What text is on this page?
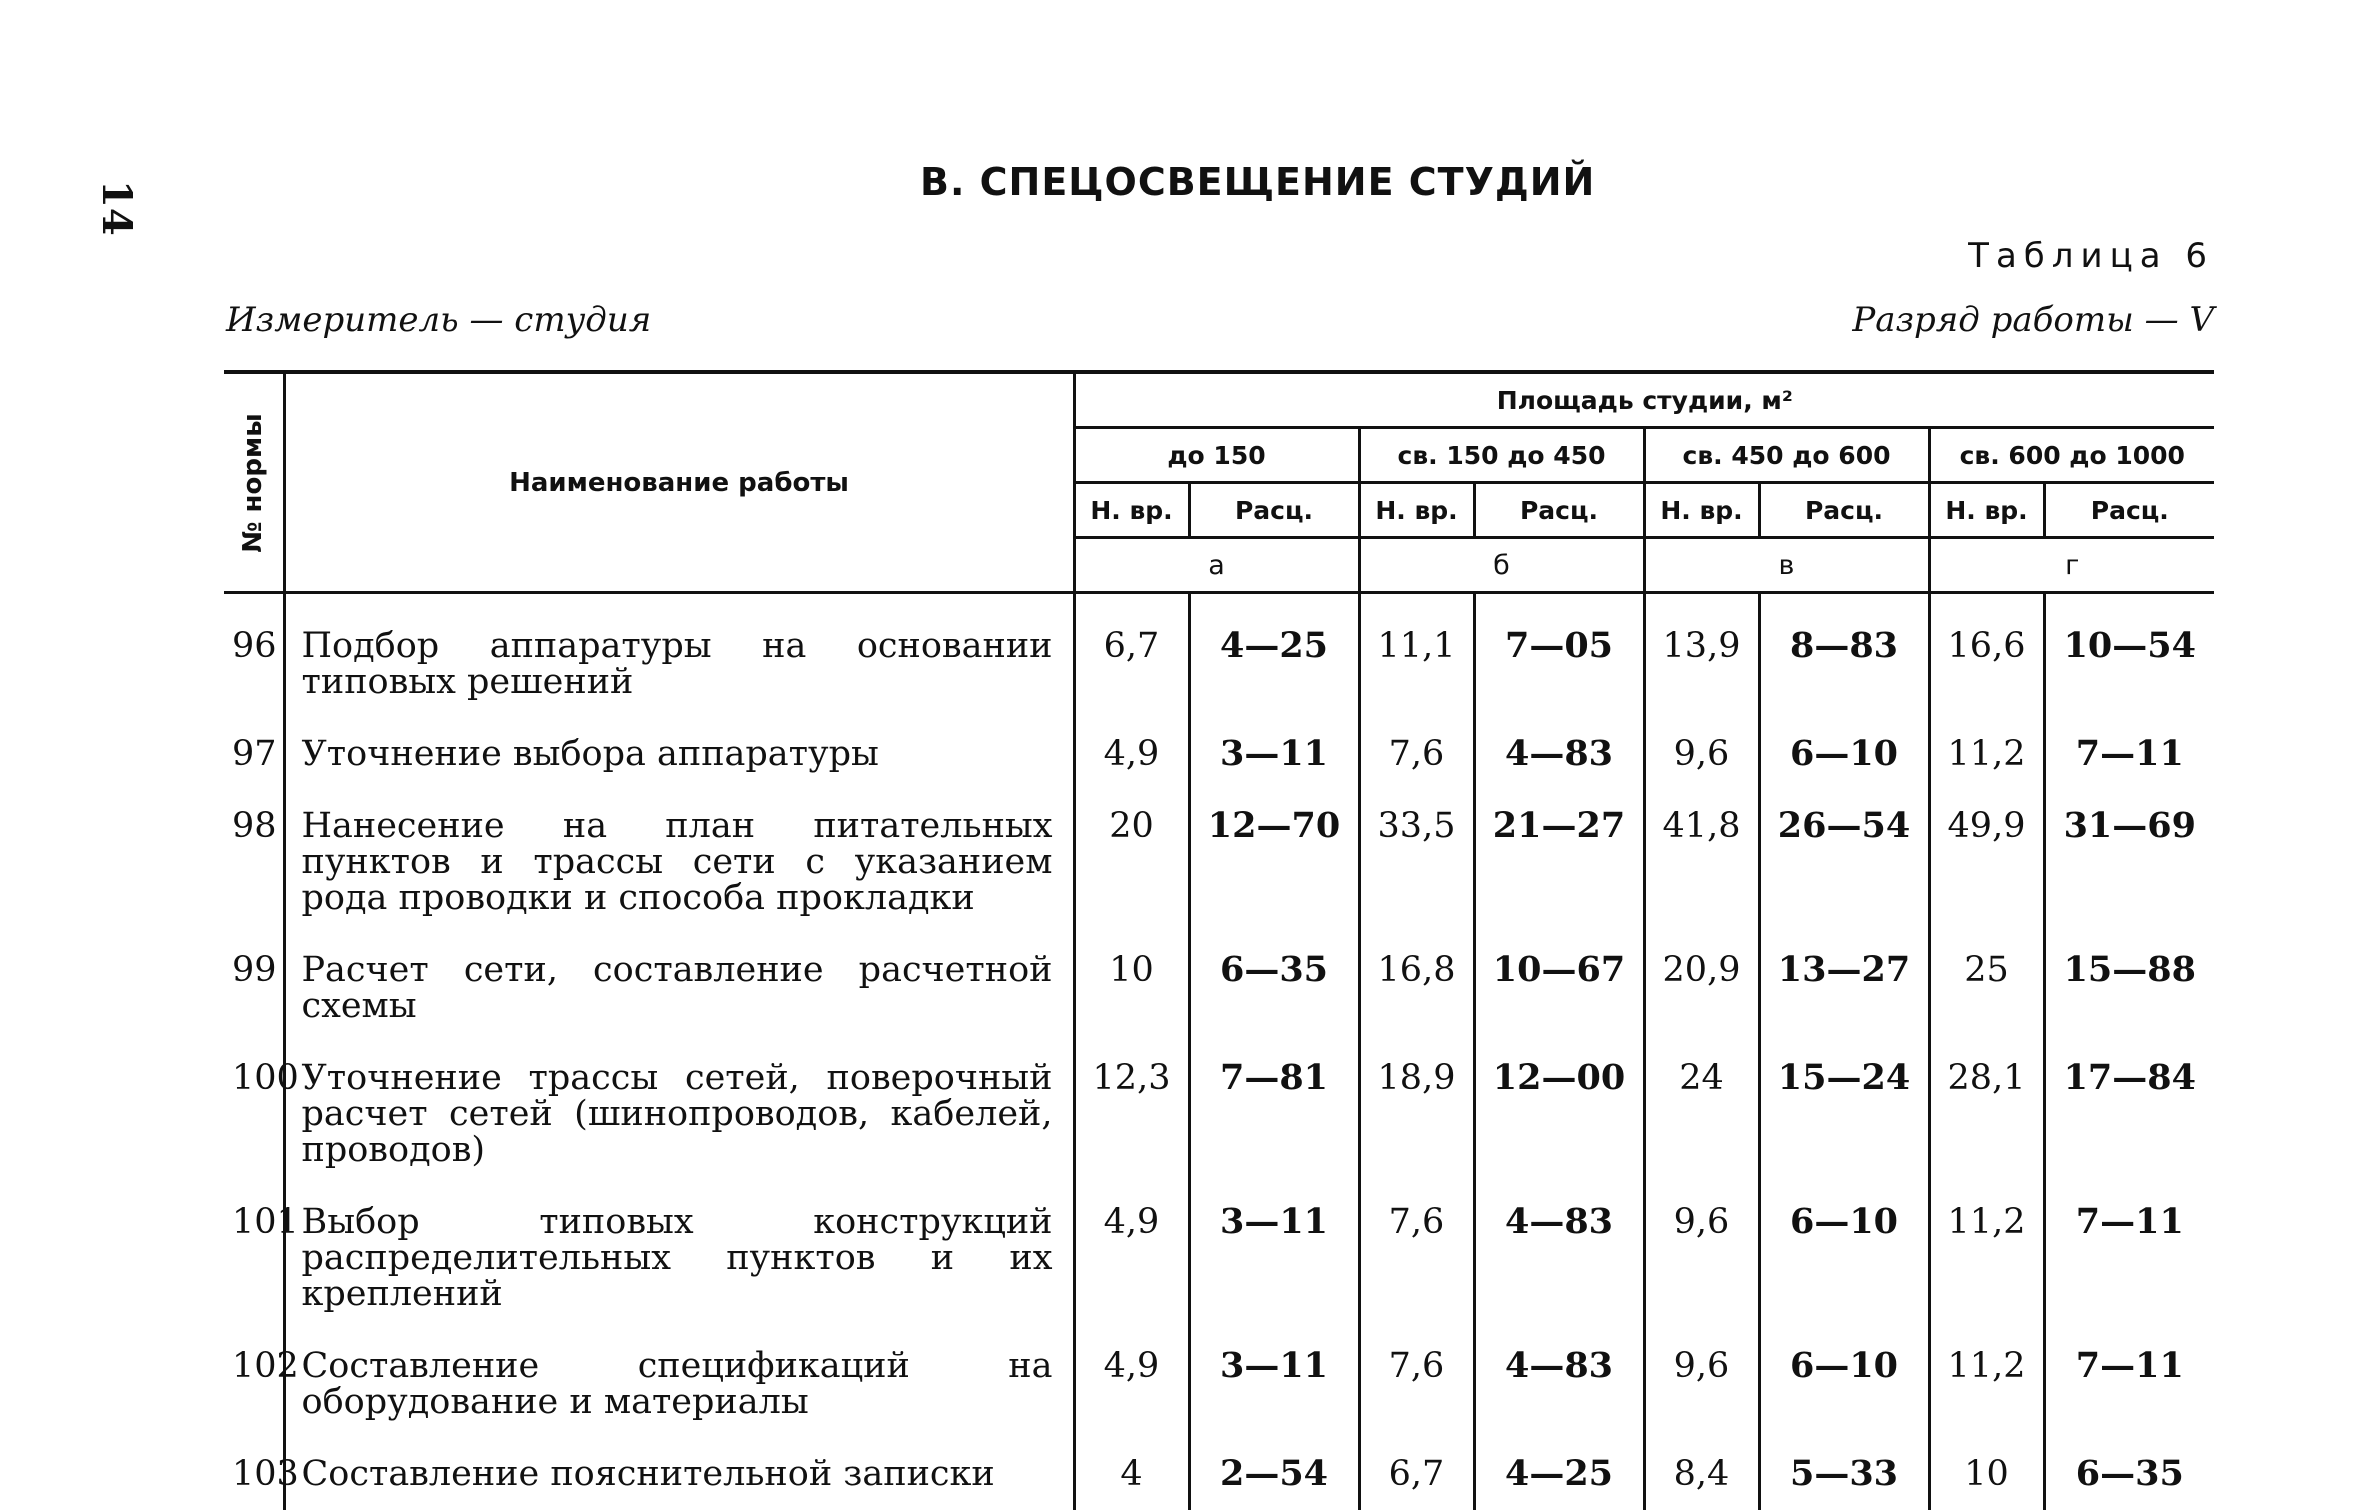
14	В. СПЕЦОСВЕЩЕНИЕ СТУДИЙ
Таблица 6
Измеритель — студия	Разряд работы — V
№ нормы	Наименование работы	Площадь студии, м²							
		до 150		св. 150 до 450		св. 450 до 600		св. 600 до 1000	
		Н. вр.	Расц.	Н. вр.	Расц.	Н. вр.	Расц.	Н. вр.	Расц.
		а		б		в		г	
96	Подбор аппаратуры на основании типовых решений	6,7	4—25	11,1	7—05	13,9	8—83	16,6	10—54
97	Уточнение выбора аппаратуры	4,9	3—11	7,6	4—83	9,6	6—10	11,2	7—11
98	Нанесение на план питательных пунктов и трассы сети с указанием рода проводки и способа прокладки	20	12—70	33,5	21—27	41,8	26—54	49,9	31—69
99	Расчет сети, составление расчетной схемы	10	6—35	16,8	10—67	20,9	13—27	25	15—88
100	Уточнение трассы сетей, поверочный расчет сетей (шинопроводов, кабелей, проводов)	12,3	7—81	18,9	12—00	24	15—24	28,1	17—84
101	Выбор типовых конструкций распределительных пунктов и их креплений	4,9	3—11	7,6	4—83	9,6	6—10	11,2	7—11
102	Составление спецификаций на оборудование и материалы	4,9	3—11	7,6	4—83	9,6	6—10	11,2	7—11
103	Составление пояснительной записки	4	2—54	6,7	4—25	8,4	5—33	10	6—35
